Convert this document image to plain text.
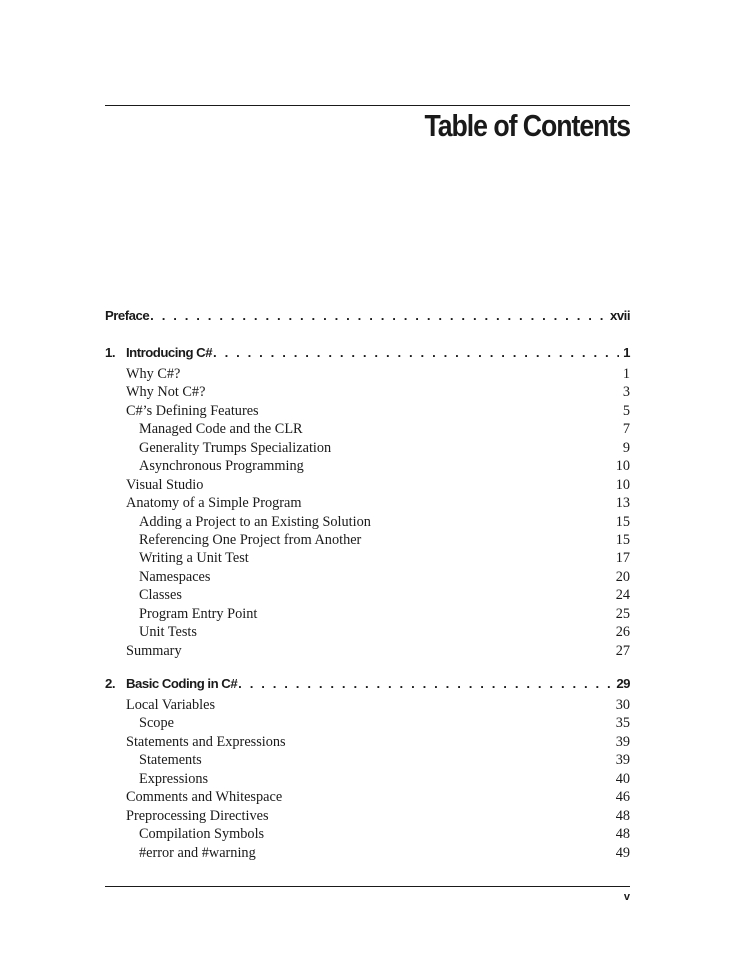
Table of Contents
Preface . . .	xvii
1. Introducing C# . . .	1
Why C#?	1
Why Not C#?	3
C#’s Defining Features	5
Managed Code and the CLR	7
Generality Trumps Specialization	9
Asynchronous Programming	10
Visual Studio	10
Anatomy of a Simple Program	13
Adding a Project to an Existing Solution	15
Referencing One Project from Another	15
Writing a Unit Test	17
Namespaces	20
Classes	24
Program Entry Point	25
Unit Tests	26
Summary	27
2. Basic Coding in C# . . .	29
Local Variables	30
Scope	35
Statements and Expressions	39
Statements	39
Expressions	40
Comments and Whitespace	46
Preprocessing Directives	48
Compilation Symbols	48
#error and #warning	49
v
